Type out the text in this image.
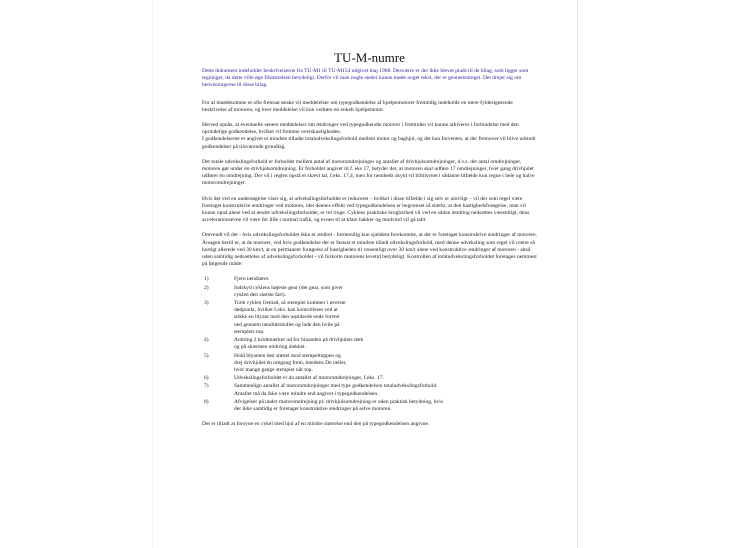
TU-M-numre

Dette dokument indeholder beskrivelserne fra TU-M1 til TU-M154 udgivet maj 1968. Desværre er der ikke blevet plads til de bilag, som ligger som tegninger, da dette ville øge filstørrelsen betydeligt. Derfor vil man nogle steder kunne møde noget tekst, der er gennemstreget. Det drejer sig om henvisningerne til disse bilag.

For at imødekomme et ofte fremsat ønske vil meddelelser om typegodkendelse af hjælpemotorer fremtidig indeholde en mere fyldestgørende beskrivelse af motoren, og hver meddelelse vil kun vedrøre en enkelt hjælpemotor.

Herved opnås, at eventuelle senere meddelelser om ændringer ved typegodkendte motorer i fremtiden vil kunne arkiveres i forbindelse med den oprindelige godkendelse, hvilket vil fremme overskueligheden.

I godkendelserne er angivet et mindste tilladte totaludvekslingsforhold mellem motor og baghjul, og det kan forventes, at der fremover vil blive udstedt godkendelser på tilsvarende grundlag.

Det totale udvekslingsforhold er forholdet mellem antal af motoromdrejninger og antallet af drivhjulsomdrejninger, d.v.s. det antal omdrejninger, motoren gør under én drivhjulsomdrejning. Er forholdet angivet til f. eks 17, betyder det, at motoren skal udføre 17 omdrejninger, hver gang drivhjulet udfører én omdrejning. Der vil i reglen opstå et skævt tal, f.eks. 17,4, men for nemheds skyld vil biltilsynet i sådanne tilfælde kun regne i hele og halve motoromdrejninger.

Hvis det ved en undersøgelse viser sig, at udvekslingsforholdet er reduceret – hvilket i disse tilfælde i sig selv er ulovligt – vil der som regel være foretaget konstruktive ændringer ved motoren, idet dennes effekt ved typegodkendelsen er begrænset så stærkt, at den hastighedsforøgelse, man vil kunne opnå alene ved at ændre udvekslingsforholdet, er ret ringe. Cyklens praktiske brugbarhed vil ved en sådan ændring nedsættes væsentligt, dens accelerationsevne vil være for lille i normal trafik, og evnen til at klare bakker og modvind vil gå tabt.

Omvendt vil det - hvis udvekslingsforholdet ikke er ændret - formentlig kun sjældent forekomme, at der er foretaget konstruktive ændringer af motoren. Årsagen hertil er, at de motorer, ved hvis godkendelse der er fastsat et mindste tilladt udvekslingsforhold, med denne udveksling som regel vil rotere så hurtigt allerede ved 30 km/t, at en permanent forøgelse af hastigheden til væsentligt over 30 km/t alene ved konstruktive ændringer af motoren - altså uden samtidig nedsættelse af udvekslingsforholdet - vil forkorte motorens levetid betydeligt. Kontrollen af totaludvekslingsforholdet foretages nemmest på følgende måde:

1)	Fjern tændrøret.
2)	Indskyd cyklens højeste gear (det gear, som giver
cyklen den største fart).
3)	Træk cyklen fremad, så stemplet kommer i øverste
dødpunkt, hvilket f.eks. kan kontrolleres ved at
stikke en blyant med den uspidsede ende forrest
ned gennem tændrørshullet og lade den hvile på
stemplets top.
4)	Anbring 2 kridtmærker ud for hinanden på drivhjulets dæk
og på skærmen omkring dækket.
5)	Hold blyanten løst støttet mod stempeltoppen og
drej drivhjulet én omgang frem, imedens De tæller,
hvor mange gange stemplet når top.
6)	Udvekslingsforholdet er da antallet af motoromdrejninger, f.eks. 17.
7)	Sammenlign antallet af motoromdrejninger med type godkendelsen totaludvekslingsforhold.
Antallet må da ikke være mindre end angivet i typegodkendelsen.
8)	Afvigelser på under motoromdrejning pr. drivhjulsomdrejning er uden praktisk betydning, hvis
der ikke samtidig er foretaget konstruktive ændringer på selve motoren.

Det er tilladt at forsyne en cykel med hjul af en mindre størrelse end den på typegodkendelsen angivne.
